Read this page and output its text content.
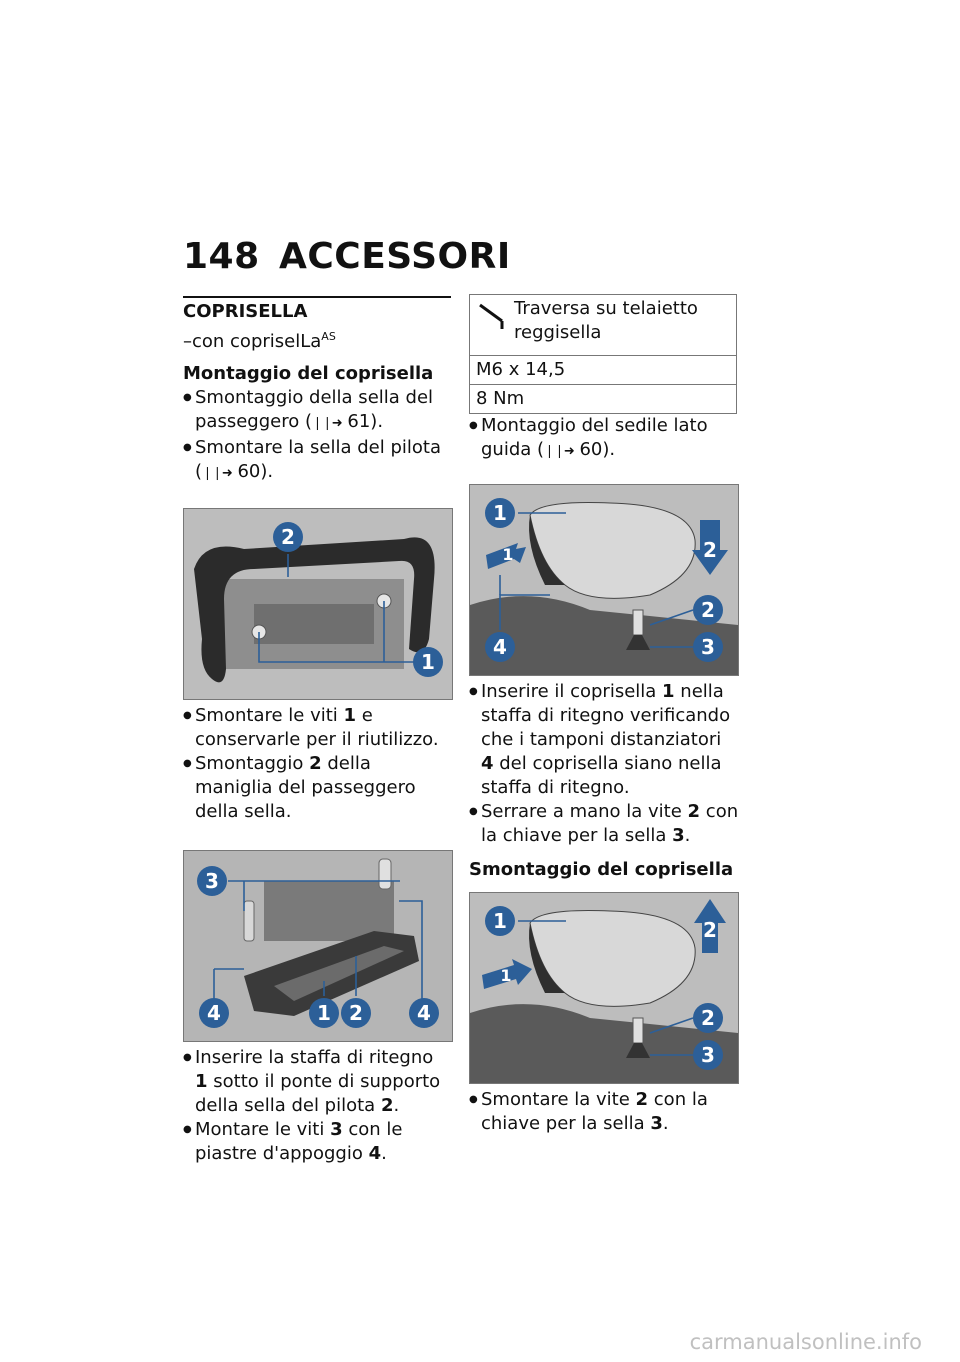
148 ACCESSORI
COPRISELLA
–con copriselLa$^{AS}$
Montaggio del coprisella

● Smontaggio della sella del passeggero (❘❘➜ 61).

● Smontare la sella del pilota (❘❘➜ 60).

2
1

● Smontare le viti 1 e conservarle per il riutilizzo.

● Smontaggio 2 della maniglia del passeggero della sella.

3
4	1 2	4

● Inserire la staffa di ritegno 1 sotto il ponte di supporto della sella del pilota 2.

● Montare le viti 3 con le piastre d'appoggio 4.

Traversa su telaietto reggisella
M6 x 14,5
8 Nm

● Montaggio del sedile lato guida (❘❘➜ 60).

2
1
1
4
2
3

● Inserire il coprisella 1 nella staffa di ritegno verificando che i tamponi distanziatori 4 del coprisella siano nella staffa di ritegno.

● Serrare a mano la vite 2 con la chiave per la sella 3.

Smontaggio del coprisella
2
1
1
2
3

● Smontare la vite 2 con la chiave per la sella 3.

carmanualsonline.info
